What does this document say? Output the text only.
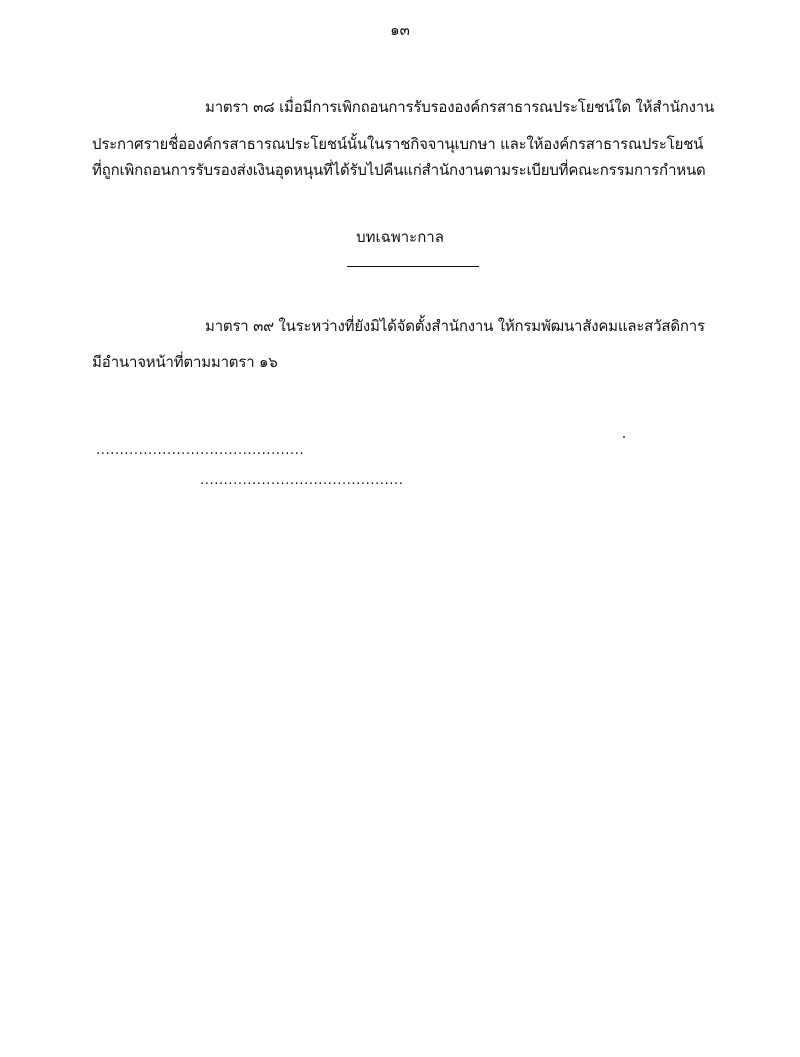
๑๓
มาตรา ๓๘ เมื่อมีการเพิกถอนการรับรององค์กรสาธารณประโยชน์ใด ให้สำนักงาน
ประกาศรายชื่อองค์กรสาธารณประโยชน์นั้นในราชกิจจานุเบกษา และให้องค์กรสาธารณประโยชน์
ที่ถูกเพิกถอนการรับรองส่งเงินอุดหนุนที่ได้รับไปคืนแก่สำนักงานตามระเบียบที่คณะกรรมการกำหนด
บทเฉพาะกาล
มาตรา ๓๙ ในระหว่างที่ยังมิได้จัดตั้งสำนักงาน ให้กรมพัฒนาสังคมและสวัสดิการ
มีอำนาจหน้าที่ตามมาตรา ๑๖
............................................
...........................................
